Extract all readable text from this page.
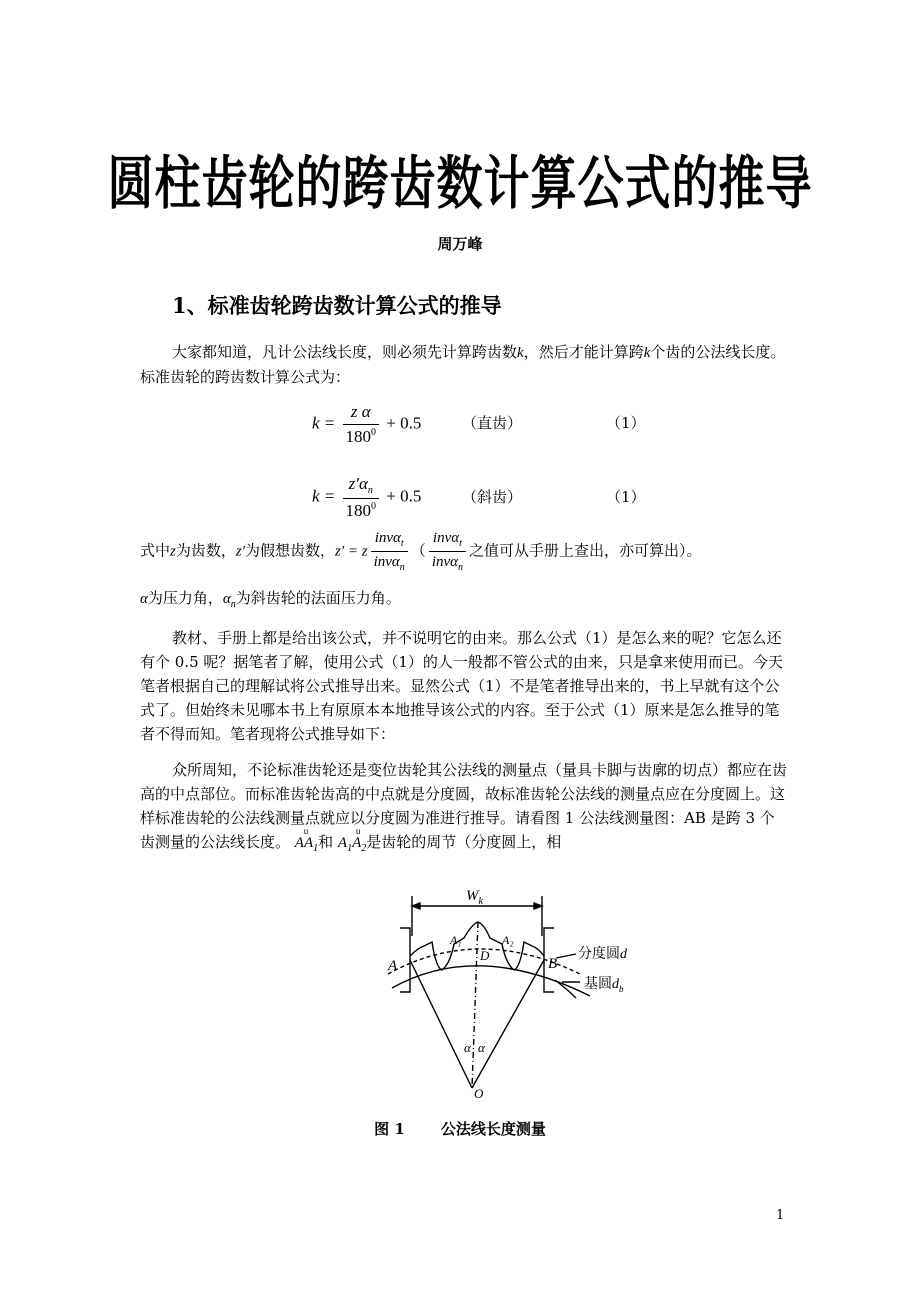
圆柱齿轮的跨齿数计算公式的推导
周万峰
1、标准齿轮跨齿数计算公式的推导
大家都知道，凡计公法线长度，则必须先计算跨齿数k，然后才能计算跨k个齿的公法线长度。标准齿轮的跨齿数计算公式为：
$k = \frac{\text{z α}}{180^0} + 0.5$	（直齿）	（1）
$k = \frac{z'\alpha_n}{180^0} + 0.5$	（斜齿）	（1）
式中z为齿数，z′为假想齿数，z′ = z $\frac{inv\alpha_t}{inv\alpha_n}$ （ $\frac{inv\alpha_t}{inv\alpha_n}$ 之值可从手册上查出，亦可算出）。
α为压力角，$\alpha_n$为斜齿轮的法面压力角。
教材、手册上都是给出该公式，并不说明它的由来。那么公式（1）是怎么来的呢？它怎么还有个 0.5 呢？据笔者了解，使用公式（1）的人一般都不管公式的由来，只是拿来使用而已。今天笔者根据自己的理解试将公式推导出来。显然公式（1）不是笔者推导出来的，书上早就有这个公式了。但始终未见哪本书上有原原本本地推导该公式的内容。至于公式（1）原来是怎么推导的笔者不得而知。笔者现将公式推导如下：
众所周知，不论标准齿轮还是变位齿轮其公法线的测量点（量具卡脚与齿廓的切点）都应在齿高的中点部位。而标准齿轮齿高的中点就是分度圆，故标准齿轮公法线的测量点应在分度圆上。这样标准齿轮的公法线测量点就应以分度圆为准进行推导。请看图 1 公法线测量图：AB 是跨 3 个齿测量的公法线长度。
u
$AA_1$和 $A_1$
u
$A_2$是齿轮的周节（分度圆上，相
$W_k$
A	B
A₁	A₂
D
α α
O
分度圆d
基圆$d_b$
图 1 公法线长度测量
1
